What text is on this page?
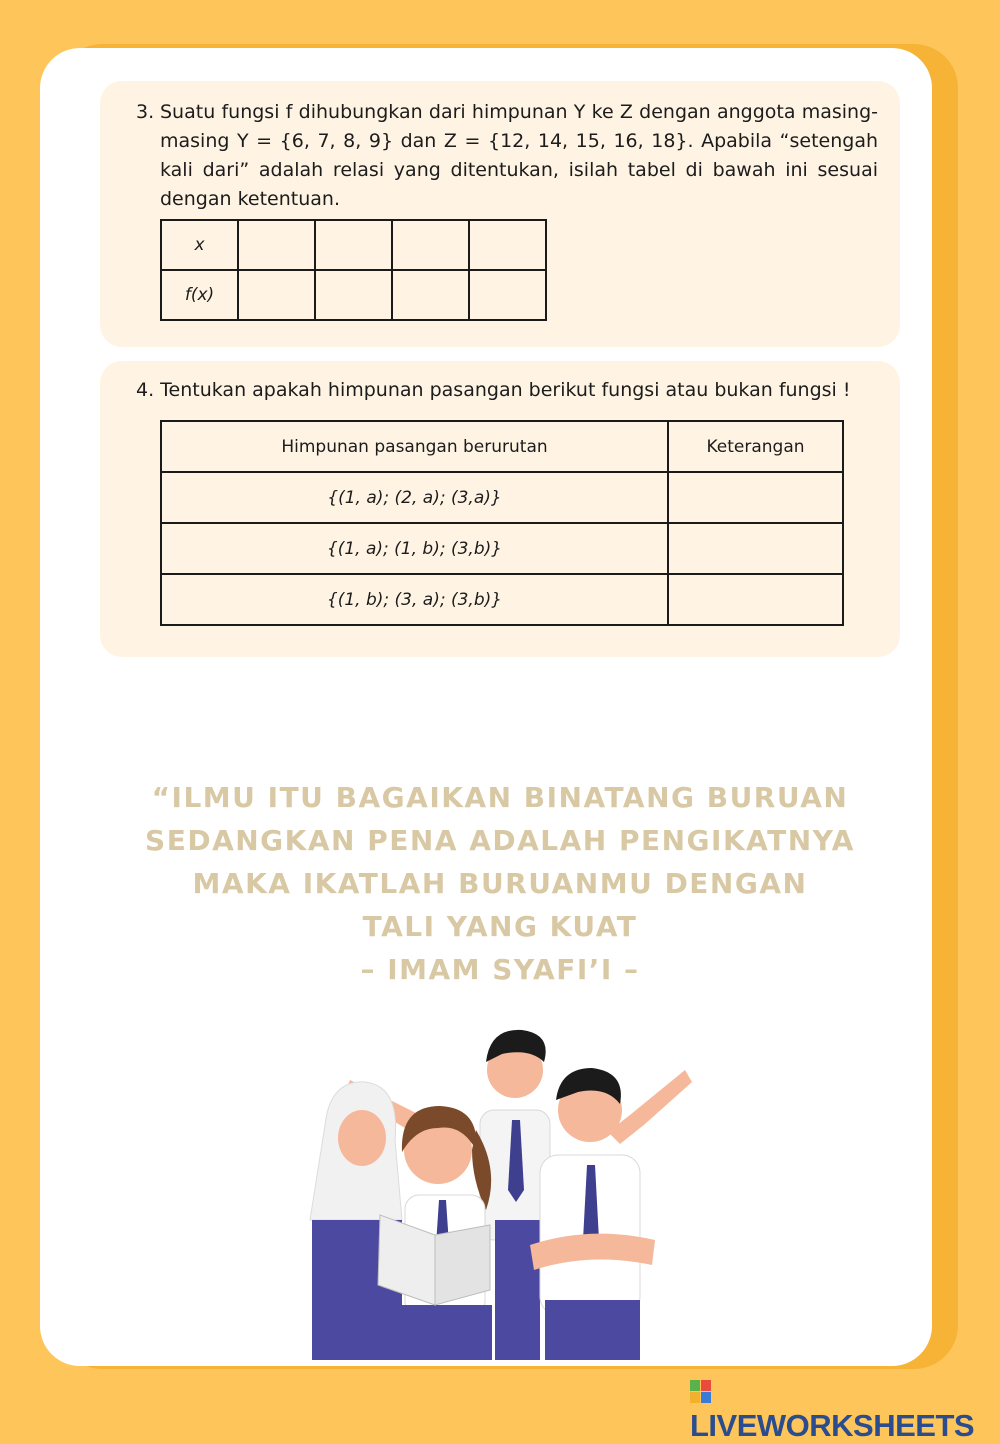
3. Suatu fungsi f dihubungkan dari himpunan Y ke Z dengan anggota masing-masing Y = {6, 7, 8, 9} dan Z = {12, 14, 15, 16, 18}. Apabila “setengah kali dari” adalah relasi yang ditentukan, isilah tabel di bawah ini sesuai dengan ketentuan.
x				
f(x)				
4. Tentukan apakah himpunan pasangan berikut fungsi atau bukan fungsi !
Himpunan pasangan berurutan	Keterangan
{(1, a); (2, a); (3,a)}	
{(1, a); (1, b); (3,b)}	
{(1, b); (3, a); (3,b)}	
“ILMU ITU BAGAIKAN BINATANG BURUAN
SEDANGKAN PENA ADALAH PENGIKATNYA
MAKA IKATLAH BURUANMU DENGAN
TALI YANG KUAT
– IMAM SYAFI’I –
LIVEWORKSHEETS
